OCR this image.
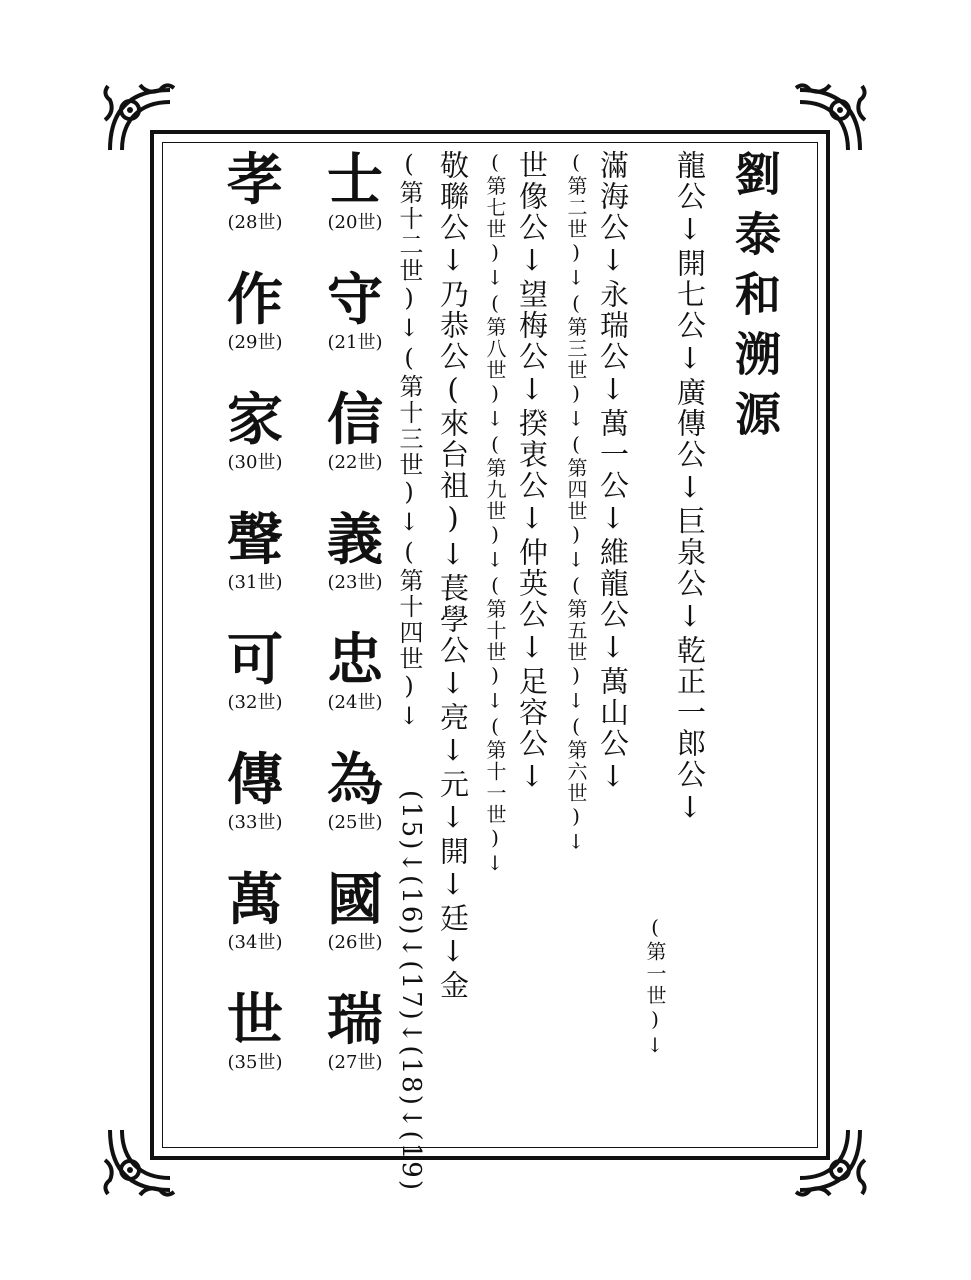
劉泰和溯源
龍公↓開七公↓廣傳公↓巨泉公↓乾正一郎公↓
(第一世)↓
滿海公↓永瑞公↓萬一公↓維龍公↓萬山公↓
(第二世)↓(第三世)↓(第四世)↓(第五世)↓(第六世)↓
世像公↓望梅公↓揆衷公↓仲英公↓足容公↓
(第七世)↓(第八世)↓(第九世)↓(第十世)↓(第十一世)↓
敬聯公↓乃恭公(來台祖)↓萇學公↓亮↓元↓開↓廷↓金
(第十二世)↓(第十三世)↓(第十四世)↓
(15)↓(16)↓(17)↓(18)↓(19)
士
(20世)
守
(21世)
信
(22世)
義
(23世)
忠
(24世)
為
(25世)
國
(26世)
瑞
(27世)
孝
(28世)
作
(29世)
家
(30世)
聲
(31世)
可
(32世)
傳
(33世)
萬
(34世)
世
(35世)
